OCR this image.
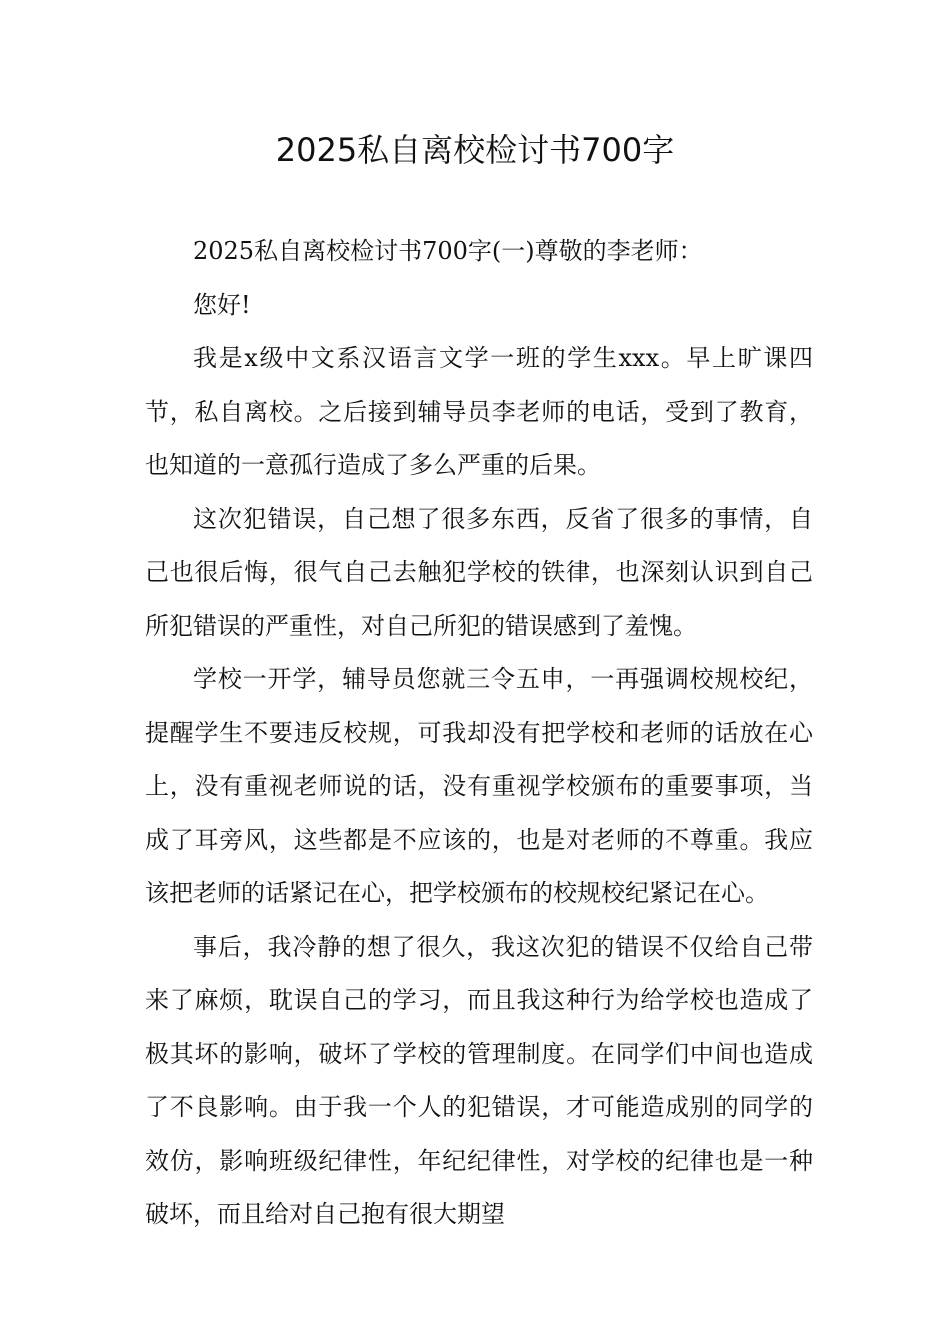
2025私自离校检讨书700字

2025私自离校检讨书700字(一)尊敬的李老师：

您好!

我是x级中文系汉语言文学一班的学生xxx。早上旷课四节，私自离校。之后接到辅导员李老师的电话，受到了教育，也知道的一意孤行造成了多么严重的后果。

这次犯错误，自己想了很多东西，反省了很多的事情，自己也很后悔，很气自己去触犯学校的铁律，也深刻认识到自己所犯错误的严重性，对自己所犯的错误感到了羞愧。

学校一开学，辅导员您就三令五申，一再强调校规校纪，提醒学生不要违反校规，可我却没有把学校和老师的话放在心上，没有重视老师说的话，没有重视学校颁布的重要事项，当成了耳旁风，这些都是不应该的，也是对老师的不尊重。我应该把老师的话紧记在心，把学校颁布的校规校纪紧记在心。

事后，我冷静的想了很久，我这次犯的错误不仅给自己带来了麻烦，耽误自己的学习，而且我这种行为给学校也造成了极其坏的影响，破坏了学校的管理制度。在同学们中间也造成了不良影响。由于我一个人的犯错误，才可能造成别的同学的效仿，影响班级纪律性，年纪纪律性，对学校的纪律也是一种破坏，而且给对自己抱有很大期望
